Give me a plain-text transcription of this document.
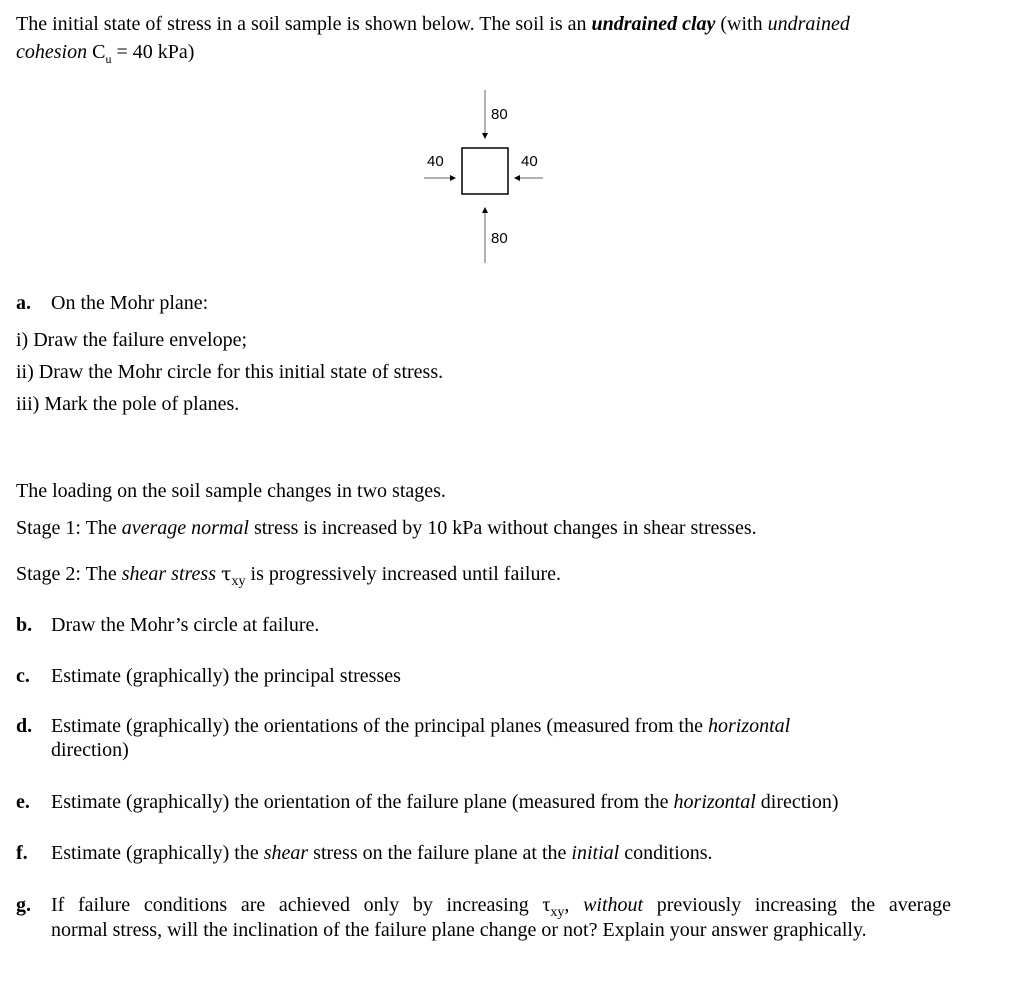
The initial state of stress in a soil sample is shown below. The soil is an undrained clay (with undrained
cohesion $C_u = 40$ kPa)
80
40	40
80
a. On the Mohr plane:
i) Draw the failure envelope;
ii) Draw the Mohr circle for this initial state of stress.
iii) Mark the pole of planes.
The loading on the soil sample changes in two stages.
Stage 1: The average normal stress is increased by 10 kPa without changes in shear stresses.
Stage 2: The shear stress $\tau_{xy}$ is progressively increased until failure.
b. Draw the Mohr’s circle at failure.
c. Estimate (graphically) the principal stresses
d. Estimate (graphically) the orientations of the principal planes (measured from the horizontal
direction)
e. Estimate (graphically) the orientation of the failure plane (measured from the horizontal direction)
f. Estimate (graphically) the shear stress on the failure plane at the initial conditions.
g. If failure conditions are achieved only by increasing $\tau_{xy}$, without previously increasing the average
normal stress, will the inclination of the failure plane change or not? Explain your answer graphically.
